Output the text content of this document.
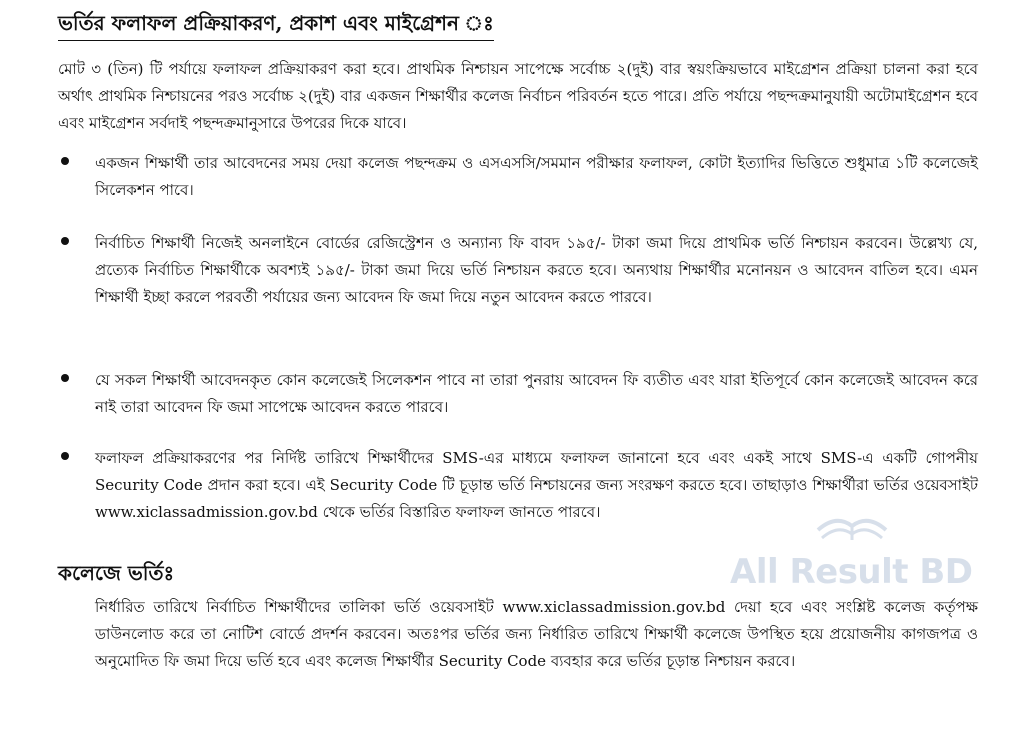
ভর্তির ফলাফল প্রক্রিয়াকরণ, প্রকাশ এবং মাইগ্রেশন ঃ
মোট ৩ (তিন) টি পর্যায়ে ফলাফল প্রক্রিয়াকরণ করা হবে। প্রাথমিক নিশ্চায়ন সাপেক্ষে সর্বোচ্চ ২(দুই) বার স্বয়ংক্রিয়ভাবে মাইগ্রেশন প্রক্রিয়া চালনা করা হবে অর্থাৎ প্রাথমিক নিশ্চায়নের পরও সর্বোচ্চ ২(দুই) বার একজন শিক্ষার্থীর কলেজ নির্বাচন পরিবর্তন হতে পারে। প্রতি পর্যায়ে পছন্দক্রমানুযায়ী অটোমাইগ্রেশন হবে এবং মাইগ্রেশন সর্বদাই পছন্দক্রমানুসারে উপরের দিকে যাবে।
একজন শিক্ষার্থী তার আবেদনের সময় দেয়া কলেজ পছন্দক্রম ও এসএসসি/সমমান পরীক্ষার ফলাফল, কোটা ইত্যাদির ভিত্তিতে শুধুমাত্র ১টি কলেজেই সিলেকশন পাবে।
নির্বাচিত শিক্ষার্থী নিজেই অনলাইনে বোর্ডের রেজিস্ট্রেশন ও অন্যান্য ফি বাবদ ১৯৫/- টাকা জমা দিয়ে প্রাথমিক ভর্তি নিশ্চায়ন করবেন। উল্লেখ্য যে, প্রত্যেক নির্বাচিত শিক্ষার্থীকে অবশ্যই ১৯৫/- টাকা জমা দিয়ে ভর্তি নিশ্চায়ন করতে হবে। অন্যথায় শিক্ষার্থীর মনোনয়ন ও আবেদন বাতিল হবে। এমন শিক্ষার্থী ইচ্ছা করলে পরবর্তী পর্যায়ের জন্য আবেদন ফি জমা দিয়ে নতুন আবেদন করতে পারবে।
যে সকল শিক্ষার্থী আবেদনকৃত কোন কলেজেই সিলেকশন পাবে না তারা পুনরায় আবেদন ফি ব্যতীত এবং যারা ইতিপূর্বে কোন কলেজেই আবেদন করে নাই তারা আবেদন ফি জমা সাপেক্ষে আবেদন করতে পারবে।
ফলাফল প্রক্রিয়াকরণের পর নির্দিষ্ট তারিখে শিক্ষার্থীদের SMS-এর মাধ্যমে ফলাফল জানানো হবে এবং একই সাথে SMS-এ একটি গোপনীয় Security Code প্রদান করা হবে। এই Security Code টি চূড়ান্ত ভর্তি নিশ্চায়নের জন্য সংরক্ষণ করতে হবে। তাছাড়াও শিক্ষার্থীরা ভর্তির ওয়েবসাইট www.xiclassadmission.gov.bd থেকে ভর্তির বিস্তারিত ফলাফল জানতে পারবে।
কলেজে ভর্তিঃ
নির্ধারিত তারিখে নির্বাচিত শিক্ষার্থীদের তালিকা ভর্তি ওয়েবসাইট www.xiclassadmission.gov.bd দেয়া হবে এবং সংশ্লিষ্ট কলেজ কর্তৃপক্ষ ডাউনলোড করে তা নোটিশ বোর্ডে প্রদর্শন করবেন। অতঃপর ভর্তির জন্য নির্ধারিত তারিখে শিক্ষার্থী কলেজে উপস্থিত হয়ে প্রয়োজনীয় কাগজপত্র ও অনুমোদিত ফি জমা দিয়ে ভর্তি হবে এবং কলেজ শিক্ষার্থীর Security Code ব্যবহার করে ভর্তির চূড়ান্ত নিশ্চায়ন করবে।
All Result BD
